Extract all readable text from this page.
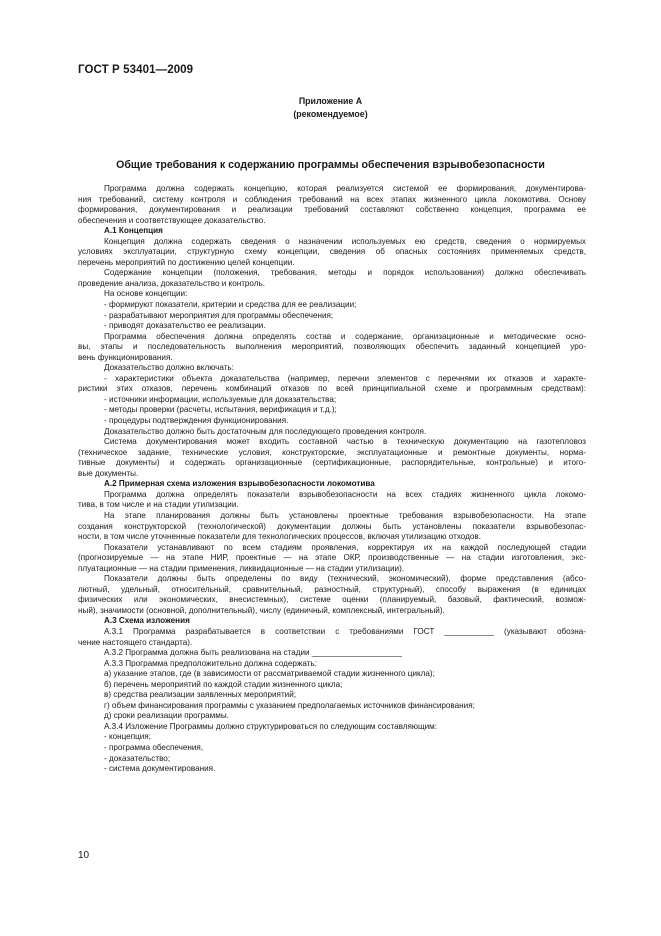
ГОСТ Р 53401—2009
Приложение А
(рекомендуемое)
Общие требования к содержанию программы обеспечения взрывобезопасности
Программа должна содержать концепцию, которая реализуется системой ее формирования, документирова-
ния требований, систему контроля и соблюдения требований на всех этапах жизненного цикла локомотива. Основу
формирования, документирования и реализации требований составляют собственно концепция, программа ее
обеспечения и соответствующее доказательство.
А.1 Концепция
Концепция должна содержать сведения о назначении используемых ею средств, сведения о нормируемых
условиях эксплуатации, структурную схему концепции, сведения об опасных состояниях применяемых средств,
перечень мероприятий по достижению целей концепции.
Содержание концепции (положения, требования, методы и порядок использования) должно обеспечивать
проведение анализа, доказательство и контроль.
На основе концепции:
- формируют показатели, критерии и средства для ее реализации;
- разрабатывают мероприятия для программы обеспечения;
- приводят доказательство ее реализации.
Программа обеспечения должна определять состав и содержание, организационные и методические осно-
вы, этапы и последовательность выполнения мероприятий, позволяющих обеспечить заданный концепцией уро-
вень функционирования.
Доказательство должно включать:
- характеристики объекта доказательства (например, перечни элементов с перечнями их отказов и характе-
ристики этих отказов, перечень комбинаций отказов по всей принципиальной схеме и программным средствам):
- источники информации, используемые для доказательства;
- методы проверки (расчеты, испытания, верификация и т.д.);
- процедуры подтверждения функционирования.
Доказательство должно быть достаточным для последующего проведения контроля.
Система документирования может входить составной частью в техническую документацию на газотепловоз
(техническое задание, технические условия, конструкторские, эксплуатационные и ремонтные документы, норма-
тивные документы) и содержать организационные (сертификационные, распорядительные, контрольные) и итого-
вые документы.
А.2 Примерная схема изложения взрывобезопасности локомотива
Программа должна определять показатели взрывобезопасности на всех стадиях жизненного цикла локомо-
тива, в том числе и на стадии утилизации.
На этапе планирования должны быть установлены проектные требования взрывобезопасности. На этапе
создания конструкторской (технологической) документации должны быть установлены показатели взрывобезопас-
ности, в том числе уточненные показатели для технологических процессов, включая утилизацию отходов.
Показатели устанавливают по всем стадиям проявления, корректируя их на каждой последующей стадии
(прогнозируемые — на этапе НИР, проектные — на этапе ОКР, производственные — на стадии изготовления, экс-
плуатационные — на стадии применения, ликвидационные — на стадии утилизации).
Показатели должны быть определены по виду (технический, экономический), форме представления (абсо-
лютный, удельный, относительный, сравнительный, разностный, структурный), способу выражения (в единицах
физических или экономических, внесистемных), системе оценки (планируемый, базовый, фактический, возмож-
ный), значимости (основной, дополнительный), числу (единичный, комплексный, интегральный).
А.3 Схема изложения
А.3.1 Программа разрабатывается в соответствии с требованиями ГОСТ ___________ (указывают обозна-
чение настоящего стандарта).
А.3.2 Программа должна быть реализована на стадии ____________________
А.3.3 Программа предположительно должна содержать:
а) указание этапов, где (в зависимости от рассматриваемой стадии жизненного цикла);
б) перечень мероприятий по каждой стадии жизненного цикла;
в) средства реализации заявленных мероприятий;
г) объем финансирования программы с указанием предполагаемых источников финансирования;
д) сроки реализации программы.
А.3.4 Изложение Программы должно структурироваться по следующим составляющим:
- концепция;
- программа обеспечения,
- доказательство;
- система документирования.
10
